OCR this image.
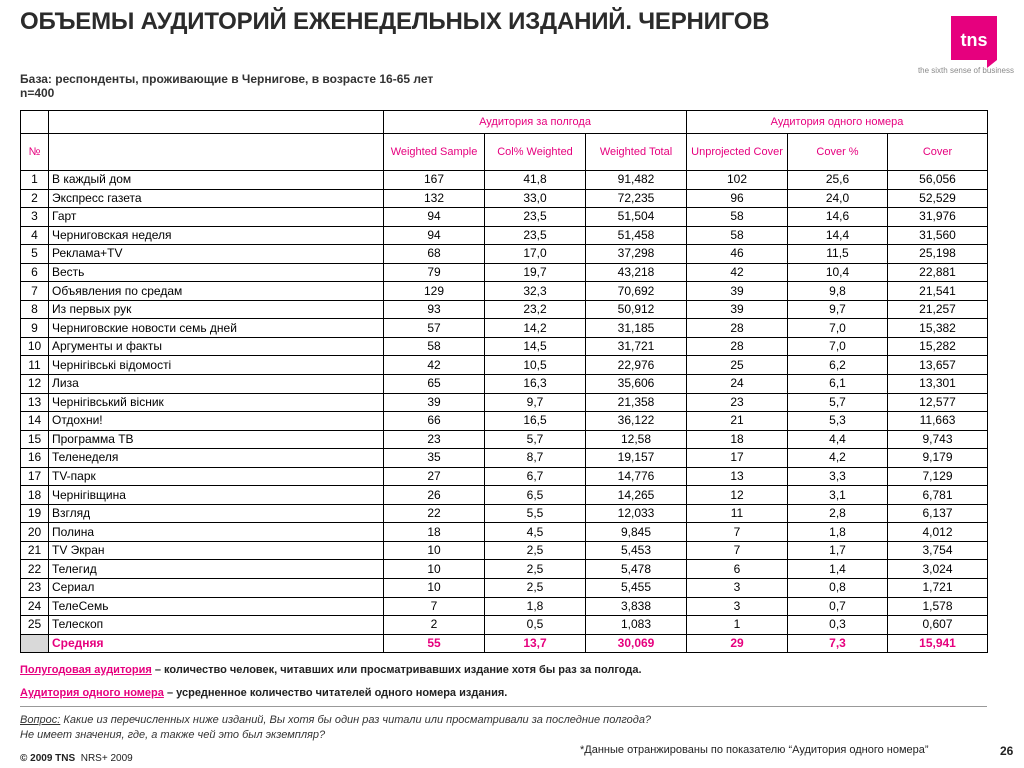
ОБЪЕМЫ АУДИТОРИЙ ЕЖЕНЕДЕЛЬНЫХ ИЗДАНИЙ. ЧЕРНИГОВ
tns
the sixth sense of business
База: респонденты, проживающие в Чернигове, в возрасте 16-65 лет
n=400
		Аудитория за полгода			Аудитория одного номера		
№		Weighted Sample	Col% Weighted	Weighted Total	Unprojected Cover	Cover %	Cover
1	В каждый дом	167	41,8	91,482	102	25,6	56,056
2	Экспресс газета	132	33,0	72,235	96	24,0	52,529
3	Гарт	94	23,5	51,504	58	14,6	31,976
4	Черниговская неделя	94	23,5	51,458	58	14,4	31,560
5	Реклама+TV	68	17,0	37,298	46	11,5	25,198
6	Весть	79	19,7	43,218	42	10,4	22,881
7	Объявления по средам	129	32,3	70,692	39	9,8	21,541
8	Из первых рук	93	23,2	50,912	39	9,7	21,257
9	Черниговские новости семь дней	57	14,2	31,185	28	7,0	15,382
10	Аргументы и факты	58	14,5	31,721	28	7,0	15,282
11	Чернігівські відомості	42	10,5	22,976	25	6,2	13,657
12	Лиза	65	16,3	35,606	24	6,1	13,301
13	Чернігівський вісник	39	9,7	21,358	23	5,7	12,577
14	Отдохни!	66	16,5	36,122	21	5,3	11,663
15	Программа ТВ	23	5,7	12,58	18	4,4	9,743
16	Теленеделя	35	8,7	19,157	17	4,2	9,179
17	TV-парк	27	6,7	14,776	13	3,3	7,129
18	Чернігівщина	26	6,5	14,265	12	3,1	6,781
19	Взгляд	22	5,5	12,033	11	2,8	6,137
20	Полина	18	4,5	9,845	7	1,8	4,012
21	TV Экран	10	2,5	5,453	7	1,7	3,754
22	Телегид	10	2,5	5,478	6	1,4	3,024
23	Сериал	10	2,5	5,455	3	0,8	1,721
24	ТелеСемь	7	1,8	3,838	3	0,7	1,578
25	Телескоп	2	0,5	1,083	1	0,3	0,607
	Средняя	55	13,7	30,069	29	7,3	15,941
Полугодовая аудитория – количество человек, читавших или просматривавших издание хотя бы раз за полгода.
Аудитория одного номера – усредненное количество читателей одного номера издания.
Вопрос: Какие из перечисленных ниже изданий, Вы хотя бы один раз читали или просматривали за последние полгода?
Не имеет значения, где, а также чей это был экземпляр?
*Данные отранжированы по показателю “Аудитория одного номера”	26
© 2009 TNS NRS+ 2009
